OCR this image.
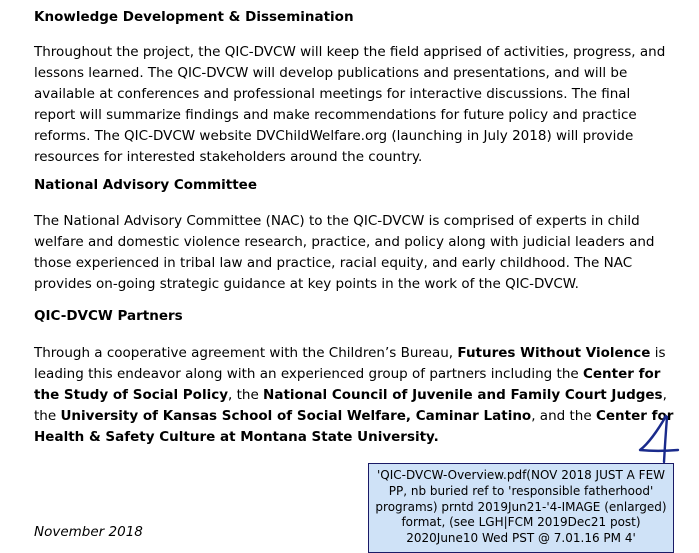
Knowledge Development & Dissemination

Throughout the project, the QIC-DVCW will keep the field apprised of activities, progress, and lessons learned. The QIC-DVCW will develop publications and presentations, and will be available at conferences and professional meetings for interactive discussions. The final report will summarize findings and make recommendations for future policy and practice reforms. The QIC-DVCW website DVChildWelfare.org (launching in July 2018) will provide resources for interested stakeholders around the country.

National Advisory Committee

The National Advisory Committee (NAC) to the QIC-DVCW is comprised of experts in child welfare and domestic violence research, practice, and policy along with judicial leaders and those experienced in tribal law and practice, racial equity, and early childhood. The NAC provides on-going strategic guidance at key points in the work of the QIC-DVCW.

QIC-DVCW Partners

Through a cooperative agreement with the Children’s Bureau, Futures Without Violence is leading this endeavor along with an experienced group of partners including the Center for the Study of Social Policy, the National Council of Juvenile and Family Court Judges, the University of Kansas School of Social Welfare, Caminar Latino, and the Center for Health & Safety Culture at Montana State University.

November 2018
'QIC-DVCW-Overview.pdf(NOV 2018 JUST A FEW PP, nb buried ref to 'responsible fatherhood' programs) prntd 2019Jun21-'4-IMAGE (enlarged) format, (see LGH|FCM 2019Dec21 post) 2020June10 Wed PST @ 7.01.16 PM 4'
